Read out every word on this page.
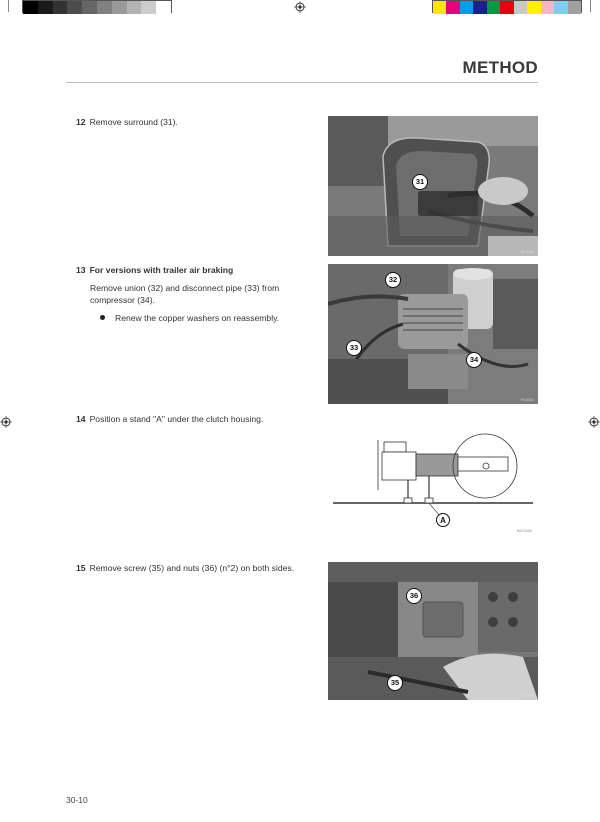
METHOD
12 Remove surround (31).
31
F0-0341
13 For versions with trailer air braking
Remove union (32) and disconnect pipe (33) from compressor (34).
Renew the copper washers on reassembly.
32
33
34
F0-0342
14 Position a stand "A" under the clutch housing.
A
B0C0406
15 Remove screw (35) and nuts (36) (n°2) on both sides.
36
35
F0-0343
30-10
